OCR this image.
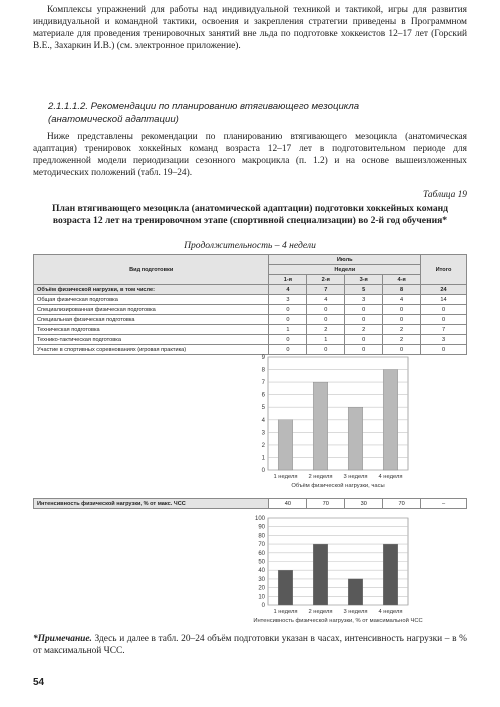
Комплексы упражнений для работы над индивидуальной техникой и тактикой, игры для развития индивидуальной и командной тактики, освоения и закрепления стратегии приведены в Программном материале для проведения тренировочных занятий вне льда по подготовке хоккеистов 12–17 лет (Горский В.Е., Захаркин И.В.) (см. электронное приложение).

2.1.1.1.2. Рекомендации по планированию втягивающего мезоцикла
(анатомической адаптации)

Ниже представлены рекомендации по планированию втягивающего мезоцикла (анатомическая адаптация) тренировок хоккейных команд возраста 12–17 лет в подготовительном периоде для предложенной модели периодизации сезонного макроцикла (п. 1.2) и на основе вышеизложенных методических положений (табл. 19–24).

Таблица 19
План втягивающего мезоцикла (анатомической адаптации) подготовки хоккейных команд возраста 12 лет на тренировочном этапе (спортивной специализации) во 2-й год обучения*
Продолжительность – 4 недели
Вид подготовки	Июль				Итого
	Недели				
	1-я	2-я	3-я	4-я	
Объём физической нагрузки, в том числе:	4	7	5	8	24
Общая физическая подготовка	3	4	3	4	14
Специализированная физическая подготовка	0	0	0	0	0
Специальная физическая подготовка	0	0	0	0	0
Техническая подготовка	1	2	2	2	7
Технико-тактическая подготовка	0	1	0	2	3
Участие в спортивных соревнованиях (игровая практика)	0	0	0	0	0
0
1
2
3
4
5
6
7
8
9
1 неделя 2 неделя 3 неделя 4 неделя
Объём физической нагрузки, часы
0
10
20
30
40
50
60
70
80
90
100
1 неделя 2 неделя 3 неделя 4 неделя
Интенсивность физической нагрузки, % от максимальной ЧСС
Интенсивность физической нагрузки, % от макс. ЧСС	40	70	30	70	–
*Примечание. Здесь и далее в табл. 20–24 объём подготовки указан в часах, интенсивность нагрузки – в % от максимальной ЧСС.
54
